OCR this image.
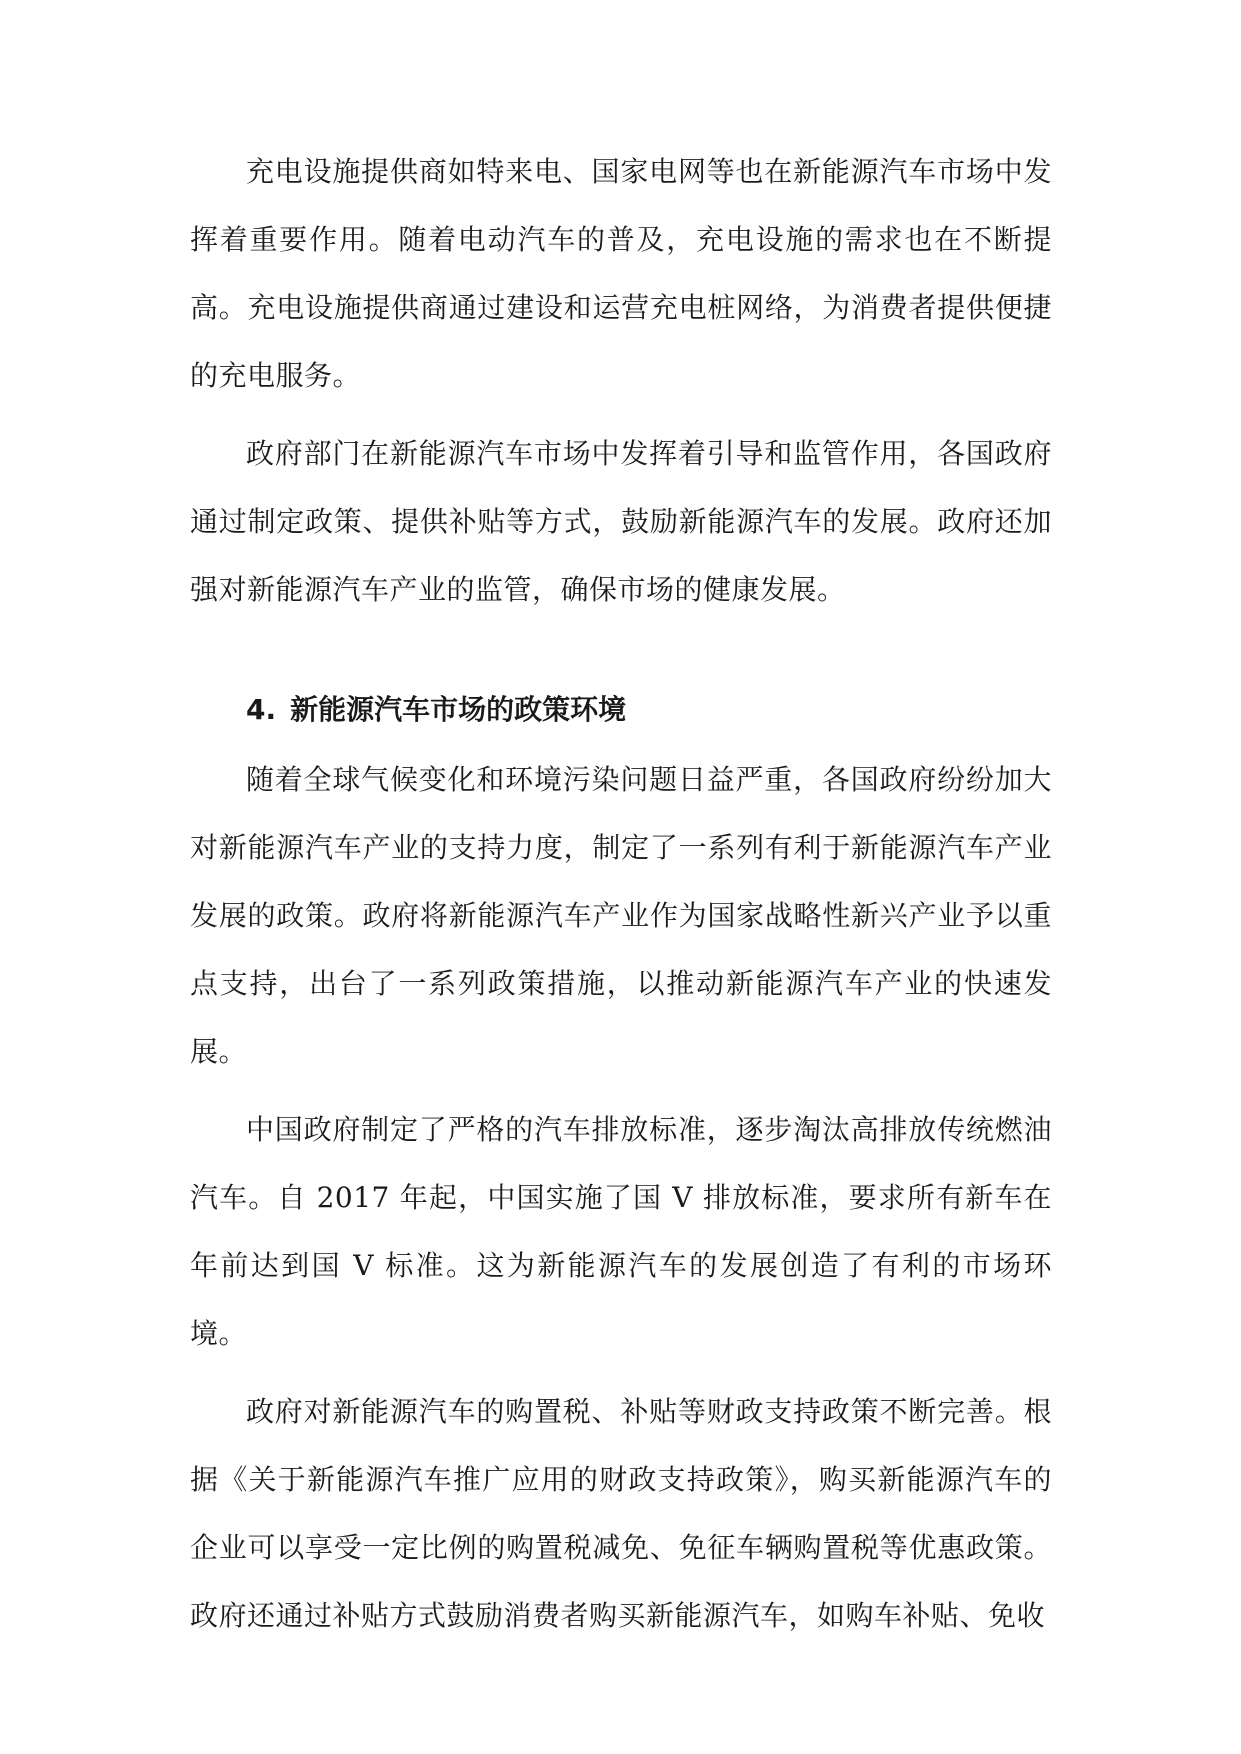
充电设施提供商如特来电、国家电网等也在新能源汽车市场中发挥着重要作用。随着电动汽车的普及，充电设施的需求也在不断提高。充电设施提供商通过建设和运营充电桩网络，为消费者提供便捷的充电服务。

政府部门在新能源汽车市场中发挥着引导和监管作用，各国政府通过制定政策、提供补贴等方式，鼓励新能源汽车的发展。政府还加强对新能源汽车产业的监管，确保市场的健康发展。

4. 新能源汽车市场的政策环境

随着全球气候变化和环境污染问题日益严重，各国政府纷纷加大对新能源汽车产业的支持力度，制定了一系列有利于新能源汽车产业发展的政策。政府将新能源汽车产业作为国家战略性新兴产业予以重点支持，出台了一系列政策措施，以推动新能源汽车产业的快速发展。

中国政府制定了严格的汽车排放标准，逐步淘汰高排放传统燃油汽车。自 2017 年起，中国实施了国 V 排放标准，要求所有新车在年前达到国 V 标准。这为新能源汽车的发展创造了有利的市场环境。

政府对新能源汽车的购置税、补贴等财政支持政策不断完善。根据《关于新能源汽车推广应用的财政支持政策》，购买新能源汽车的企业可以享受一定比例的购置税减免、免征车辆购置税等优惠政策。政府还通过补贴方式鼓励消费者购买新能源汽车，如购车补贴、免收
